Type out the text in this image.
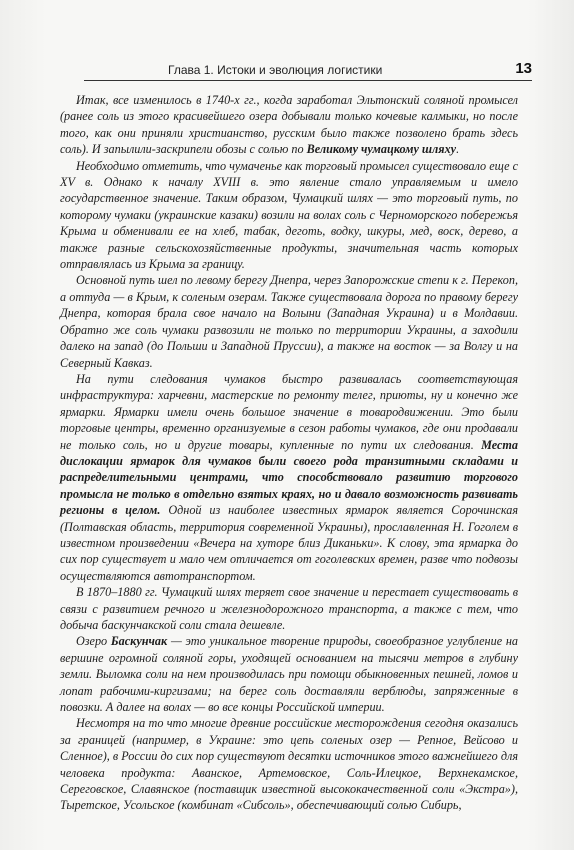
Глава 1. Истоки и эволюция логистики	13

Итак, все изменилось в 1740-х гг., когда заработал Эльтонский соляной промысел (ранее соль из этого красивейшего озера добывали только кочевые калмыки, но после того, как они приняли христианство, русским было также позволено брать здесь соль). И запылили-заскрипели обозы с солью по Великому чумацкому шляху.

Необходимо отметить, что чумаченье как торговый промысел существовало еще с XV в. Однако к началу XVIII в. это явление стало управляемым и имело государственное значение. Таким образом, Чумацкий шлях — это торговый путь, по которому чумаки (украинские казаки) возили на волах соль с Черноморского побережья Крыма и обменивали ее на хлеб, табак, деготь, водку, шкуры, мед, воск, дерево, а также разные сельскохозяйственные продукты, значительная часть которых отправлялась из Крыма за границу.

Основной путь шел по левому берегу Днепра, через Запорожские степи к г. Перекоп, а оттуда — в Крым, к соленым озерам. Также существовала дорога по правому берегу Днепра, которая брала свое начало на Волыни (Западная Украина) и в Молдавии. Обратно же соль чумаки развозили не только по территории Украины, а заходили далеко на запад (до Польши и Западной Пруссии), а также на восток — за Волгу и на Северный Кавказ.

На пути следования чумаков быстро развивалась соответствующая инфраструктура: харчевни, мастерские по ремонту телег, приюты, ну и конечно же ярмарки. Ярмарки имели очень большое значение в товародвижении. Это были торговые центры, временно организуемые в сезон работы чумаков, где они продавали не только соль, но и другие товары, купленные по пути их следования. Места дислокации ярмарок для чумаков были своего рода транзитными складами и распределительными центрами, что способствовало развитию торгового промысла не только в отдельно взятых краях, но и давало возможность развивать регионы в целом. Одной из наиболее известных ярмарок является Сорочинская (Полтавская область, территория современной Украины), прославленная Н. Гоголем в известном произведении «Вечера на хуторе близ Диканьки». К слову, эта ярмарка до сих пор существует и мало чем отличается от гоголевских времен, разве что подвозы осуществляются автотранспортом.

В 1870–1880 гг. Чумацкий шлях теряет свое значение и перестает существовать в связи с развитием речного и железнодорожного транспорта, а также с тем, что добыча баскунчакской соли стала дешевле.

Озеро Баскунчак — это уникальное творение природы, своеобразное углубление на вершине огромной соляной горы, уходящей основанием на тысячи метров в глубину земли. Выломка соли на нем производилась при помощи обыкновенных пешней, ломов и лопат рабочими-киргизами; на берег соль доставляли верблюды, запряженные в повозки. А далее на волах — во все концы Российской империи.

Несмотря на то что многие древние российские месторождения сегодня оказались за границей (например, в Украине: это цепь соленых озер — Репное, Вейсово и Сленное), в России до сих пор существуют десятки источников этого важнейшего для человека продукта: Аванское, Артемовское, Соль-Илецкое, Верхнекамское, Сереговское, Славянское (поставщик известной высококачественной соли «Экстра»), Тыретское, Усольское (комбинат «Сибсоль», обеспечивающий солью Сибирь,
